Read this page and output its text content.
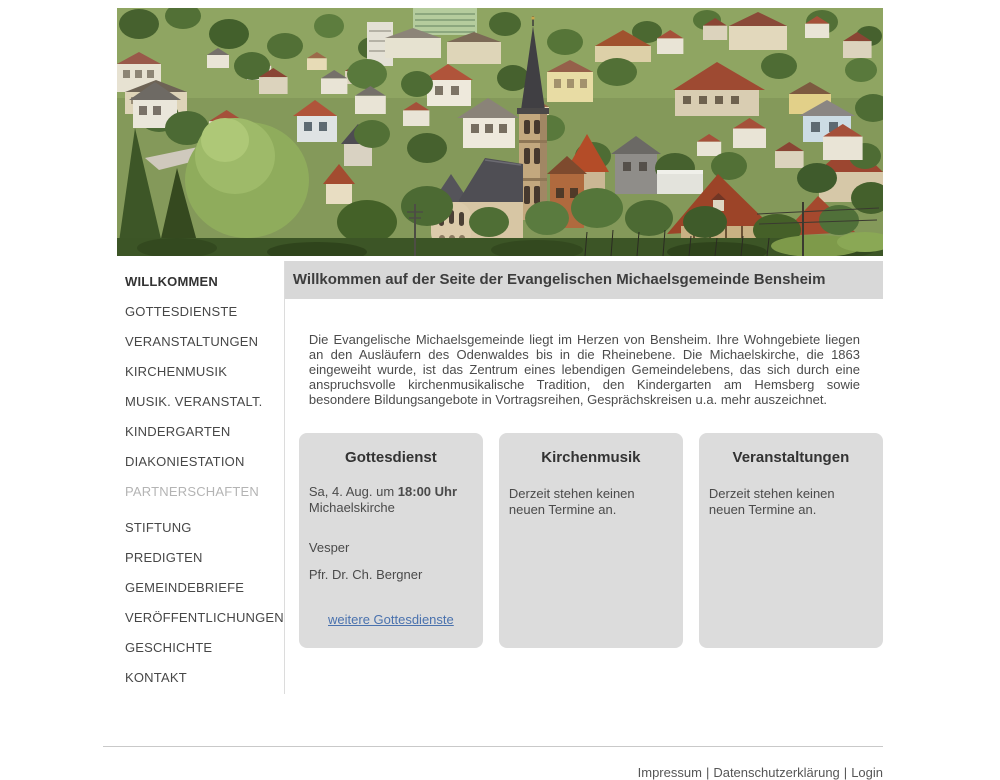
WILLKOMMEN
GOTTESDIENSTE
VERANSTALTUNGEN
KIRCHENMUSIK
MUSIK. VERANSTALT.
KINDERGARTEN
DIAKONIESTATION
PARTNERSCHAFTEN
STIFTUNG
PREDIGTEN
GEMEINDEBRIEFE
VERÖFFENTLICHUNGEN
GESCHICHTE
KONTAKT
Willkommen auf der Seite der Evangelischen Michaelsgemeinde Bensheim

Die Evangelische Michaelsgemeinde liegt im Herzen von Bensheim. Ihre Wohngebiete liegen an den Ausläufern des Odenwaldes bis in die Rheinebene. Die Michaelskirche, die 1863 eingeweiht wurde, ist das Zentrum eines lebendigen Gemeindelebens, das sich durch eine anspruchsvolle kirchenmusikalische Tradition, den Kindergarten am Hemsberg sowie besondere Bildungsangebote in Vortragsreihen, Gesprächskreisen u.a. mehr auszeichnet.

Gottesdienst

Sa, 4. Aug. um 18:00 Uhr
Michaelskirche

Vesper

Pfr. Dr. Ch. Bergner

weitere Gottesdienste

Kirchenmusik

Derzeit stehen keinen neuen Termine an.

Veranstaltungen

Derzeit stehen keinen neuen Termine an.

Impressum | Datenschutzerklärung | Login
